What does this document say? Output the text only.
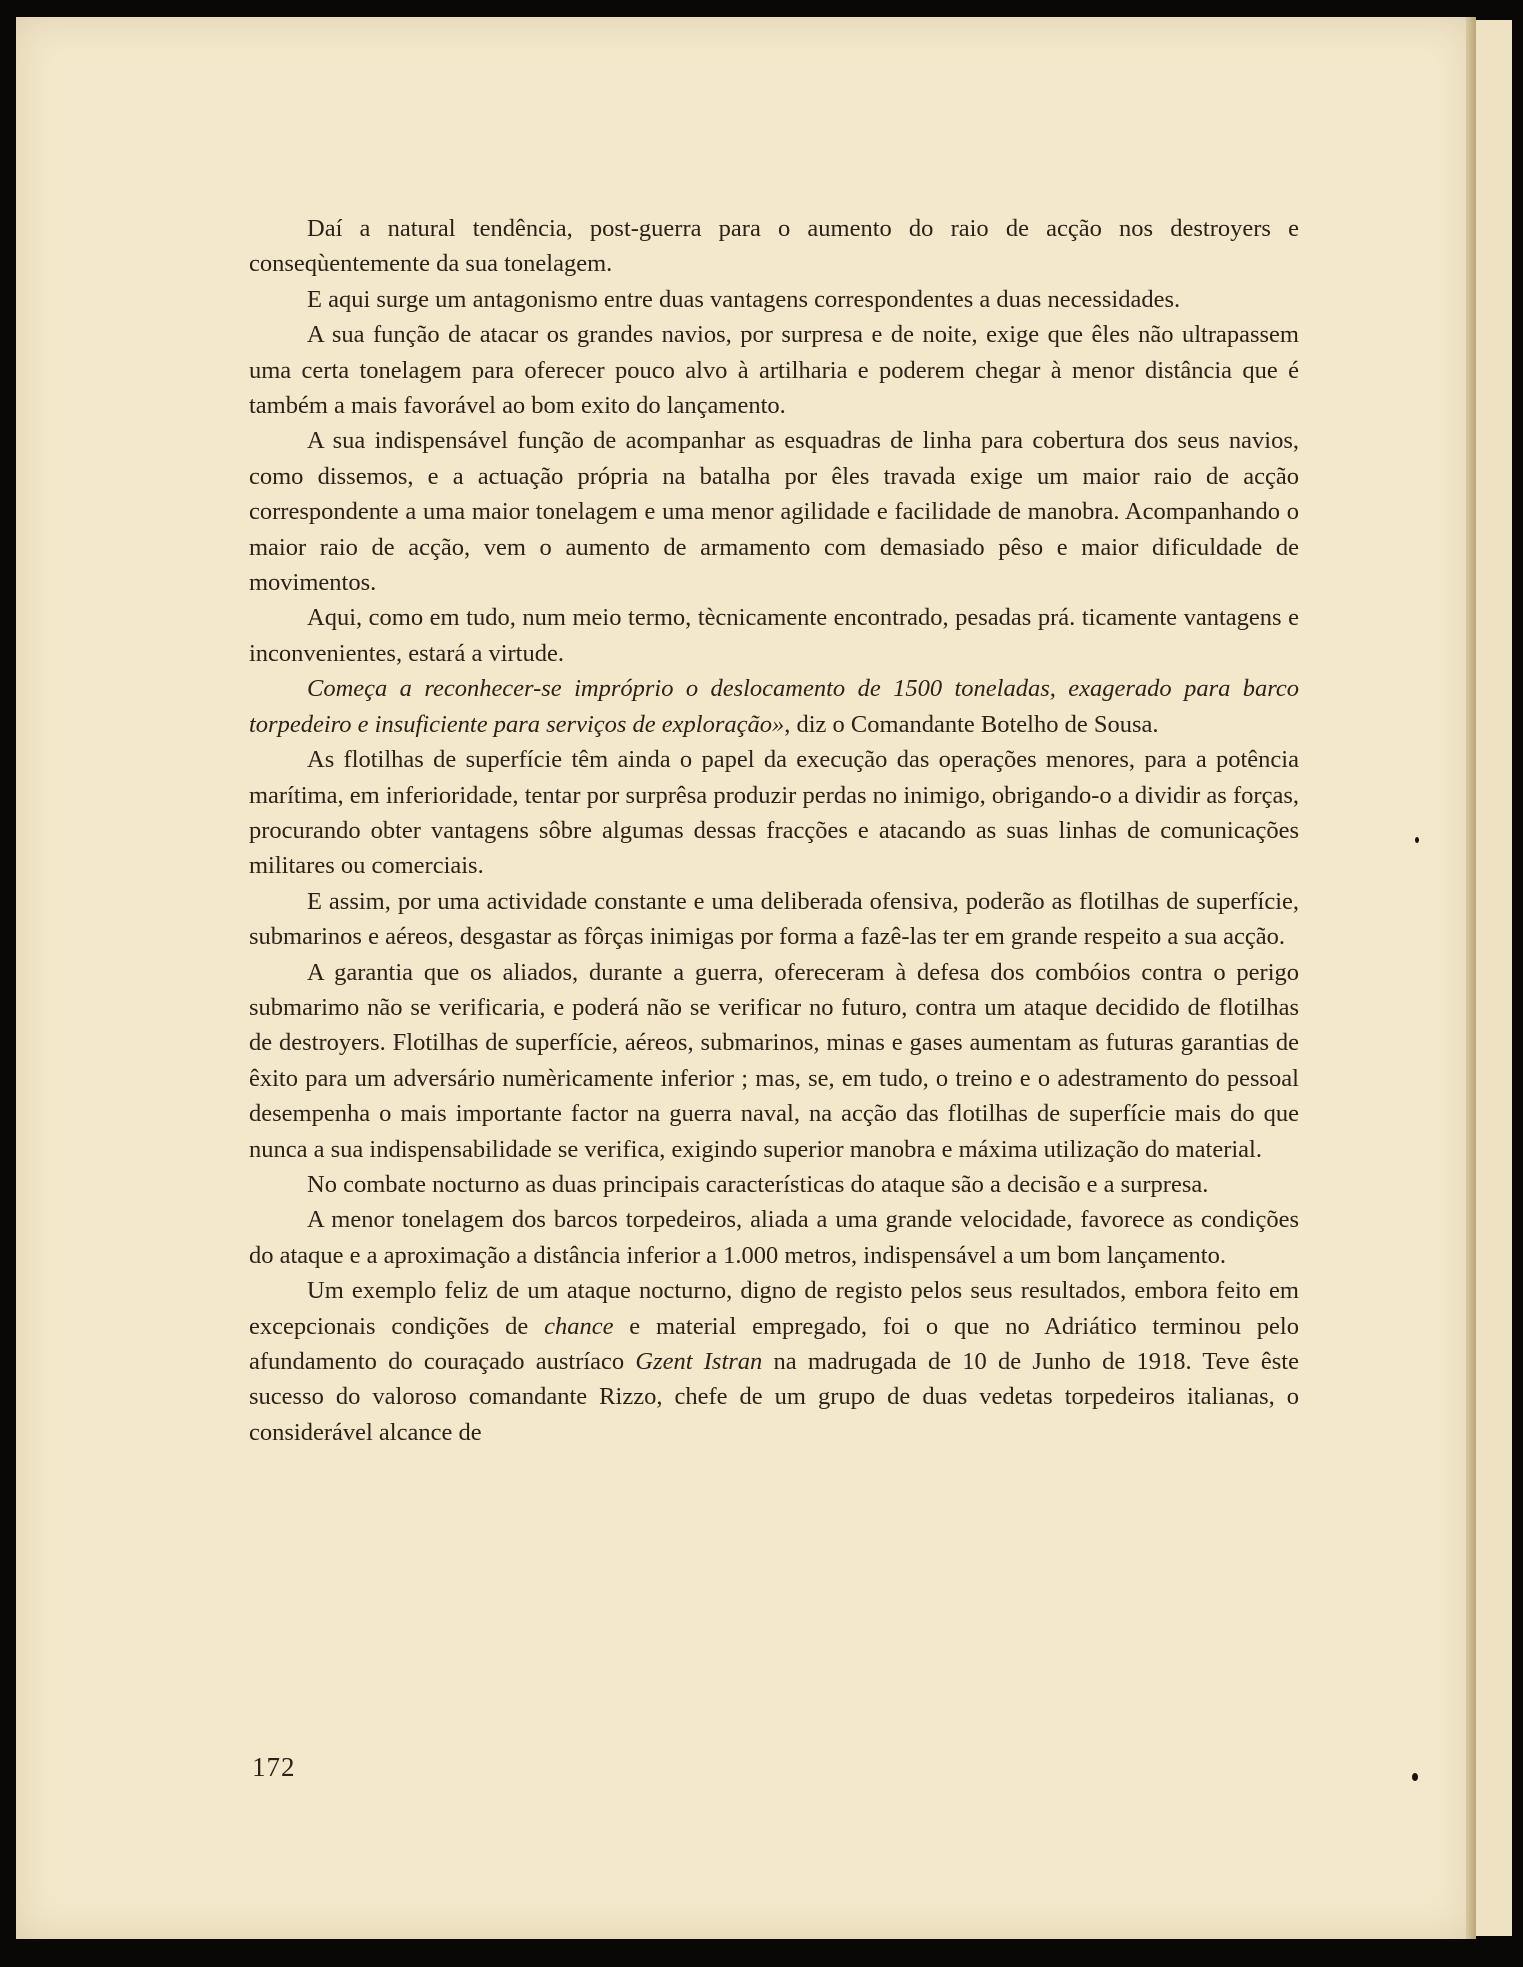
Daí a natural tendência, post-guerra para o aumento do raio de acção nos destroyers e conseqùentemente da sua tonelagem.

E aqui surge um antagonismo entre duas vantagens correspondentes a duas necessidades.

A sua função de atacar os grandes navios, por surpresa e de noite, exige que êles não ultrapassem uma certa tonelagem para oferecer pouco alvo à artilharia e poderem chegar à menor distância que é também a mais favorável ao bom exito do lançamento.

A sua indispensável função de acompanhar as esquadras de linha para cobertura dos seus navios, como dissemos, e a actuação própria na batalha por êles travada exige um maior raio de acção correspondente a uma maior tonelagem e uma menor agilidade e facilidade de manobra. Acompanhando o maior raio de acção, vem o aumento de armamento com demasiado pêso e maior dificuldade de movimentos.

Aqui, como em tudo, num meio termo, tècnicamente encontrado, pesadas prá. ticamente vantagens e inconvenientes, estará a virtude.

Começa a reconhecer-se impróprio o deslocamento de 1500 toneladas, exagerado para barco torpedeiro e insuficiente para serviços de exploração», diz o Comandante Botelho de Sousa.

As flotilhas de superfície têm ainda o papel da execução das operações menores, para a potência marítima, em inferioridade, tentar por surprêsa produzir perdas no inimigo, obrigando-o a dividir as forças, procurando obter vantagens sôbre algumas dessas fracções e atacando as suas linhas de comunicações militares ou comerciais.

E assim, por uma actividade constante e uma deliberada ofensiva, poderão as flotilhas de superfície, submarinos e aéreos, desgastar as fôrças inimigas por forma a fazê-las ter em grande respeito a sua acção.

A garantia que os aliados, durante a guerra, ofereceram à defesa dos combóios contra o perigo submarimo não se verificaria, e poderá não se verificar no futuro, contra um ataque decidido de flotilhas de destroyers. Flotilhas de superfície, aéreos, submarinos, minas e gases aumentam as futuras garantias de êxito para um adversário numèricamente inferior ; mas, se, em tudo, o treino e o adestramento do pessoal desempenha o mais importante factor na guerra naval, na acção das flotilhas de superfície mais do que nunca a sua indispensabilidade se verifica, exigindo superior manobra e máxima utilização do material.

No combate nocturno as duas principais características do ataque são a decisão e a surpresa.

A menor tonelagem dos barcos torpedeiros, aliada a uma grande velocidade, favorece as condições do ataque e a aproximação a distância inferior a 1.000 metros, indispensável a um bom lançamento.

Um exemplo feliz de um ataque nocturno, digno de registo pelos seus resultados, embora feito em excepcionais condições de chance e material empregado, foi o que no Adriático terminou pelo afundamento do couraçado austríaco Gzent Istran na madrugada de 10 de Junho de 1918. Teve êste sucesso do valoroso comandante Rizzo, chefe de um grupo de duas vedetas torpedeiros italianas, o considerável alcance de

172
